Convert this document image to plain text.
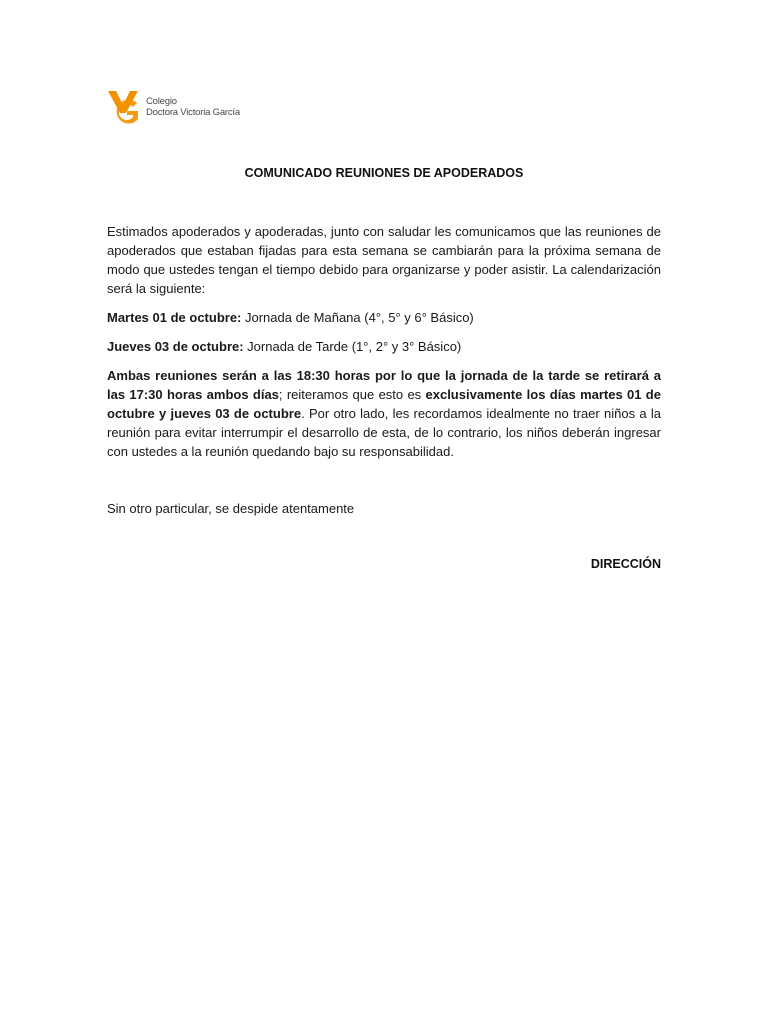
Colegio
Doctora Victoria García
COMUNICADO REUNIONES DE APODERADOS
Estimados apoderados y apoderadas, junto con saludar les comunicamos que las reuniones de apoderados que estaban fijadas para esta semana se cambiarán para la próxima semana de modo que ustedes tengan el tiempo debido para organizarse y poder asistir. La calendarización será la siguiente:
Martes 01 de octubre: Jornada de Mañana (4°, 5° y 6° Básico)
Jueves 03 de octubre: Jornada de Tarde (1°, 2° y 3° Básico)
Ambas reuniones serán a las 18:30 horas por lo que la jornada de la tarde se retirará a las 17:30 horas ambos días; reiteramos que esto es exclusivamente los días martes 01 de octubre y jueves 03 de octubre. Por otro lado, les recordamos idealmente no traer niños a la reunión para evitar interrumpir el desarrollo de esta, de lo contrario, los niños deberán ingresar con ustedes a la reunión quedando bajo su responsabilidad.
Sin otro particular, se despide atentamente
DIRECCIÓN
